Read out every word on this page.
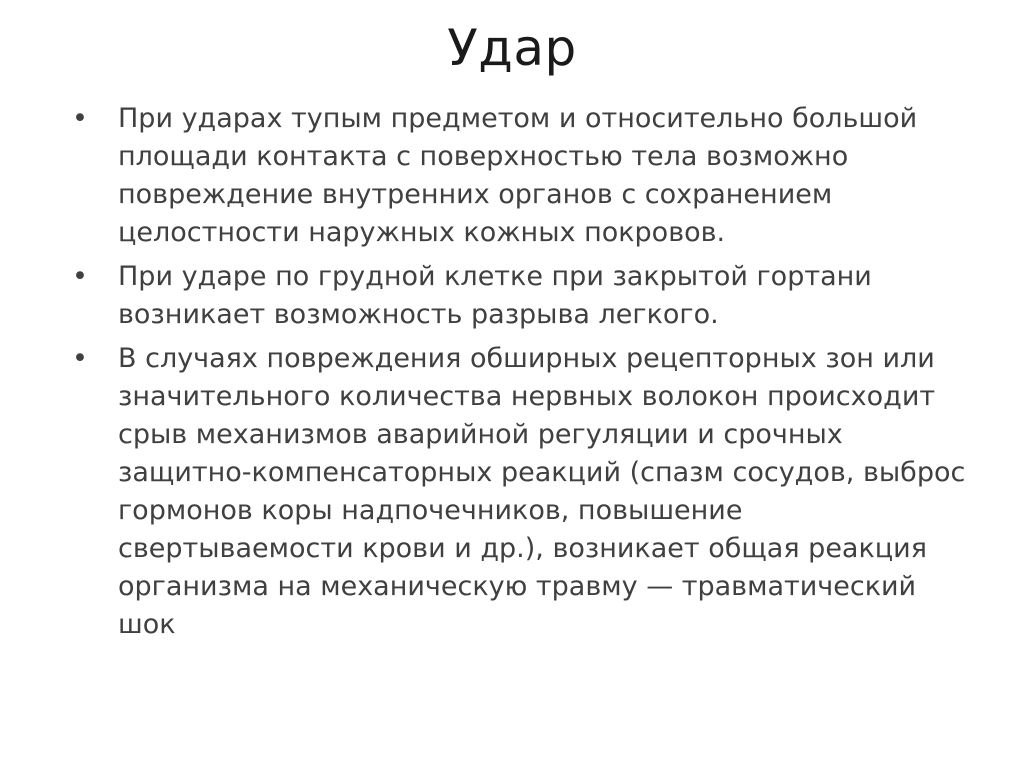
Удар
• При ударах тупым предметом и относительно большой площади контакта с поверхностью тела возможно повреждение внутренних органов с сохранением целостности наружных кожных покровов.
• При ударе по грудной клетке при закрытой гортани возникает возможность разрыва легкого.
• В случаях повреждения обширных рецепторных зон или значительного количества нервных волокон происходит срыв механизмов аварийной регуляции и срочных защитно-компенсаторных реакций (спазм сосудов, выброс гормонов коры надпочечников, повышение свертываемости крови и др.), возникает общая реакция организма на механическую травму — травматический шок
